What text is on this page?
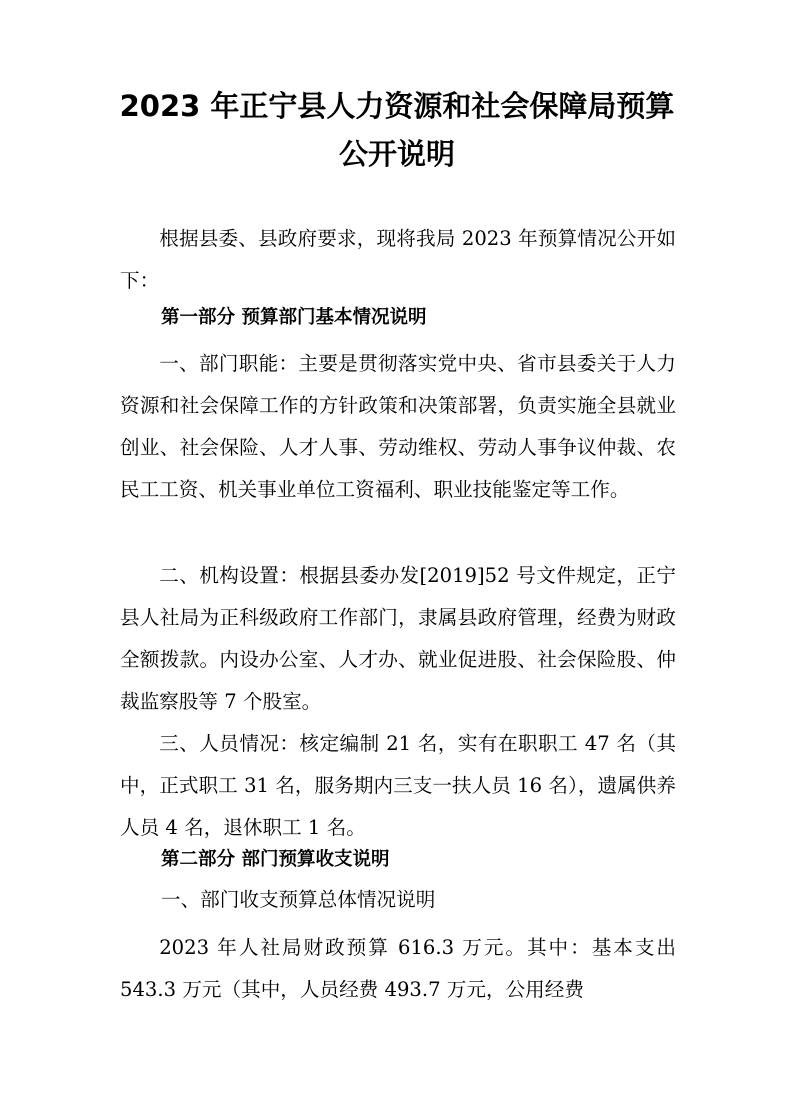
2023 年正宁县人力资源和社会保障局预算
公开说明

根据县委、县政府要求，现将我局 2023 年预算情况公开如下：

第一部分 预算部门基本情况说明

一、部门职能：主要是贯彻落实党中央、省市县委关于人力资源和社会保障工作的方针政策和决策部署，负责实施全县就业创业、社会保险、人才人事、劳动维权、劳动人事争议仲裁、农民工工资、机关事业单位工资福利、职业技能鉴定等工作。

二、机构设置：根据县委办发[2019]52 号文件规定，正宁县人社局为正科级政府工作部门，隶属县政府管理，经费为财政全额拨款。内设办公室、人才办、就业促进股、社会保险股、仲裁监察股等 7 个股室。

三、人员情况：核定编制 21 名，实有在职职工 47 名（其中，正式职工 31 名，服务期内三支一扶人员 16 名），遗属供养人员 4 名，退休职工 1 名。

第二部分 部门预算收支说明
一、部门收支预算总体情况说明

2023 年人社局财政预算 616.3 万元。其中：基本支出 543.3 万元（其中，人员经费 493.7 万元，公用经费
